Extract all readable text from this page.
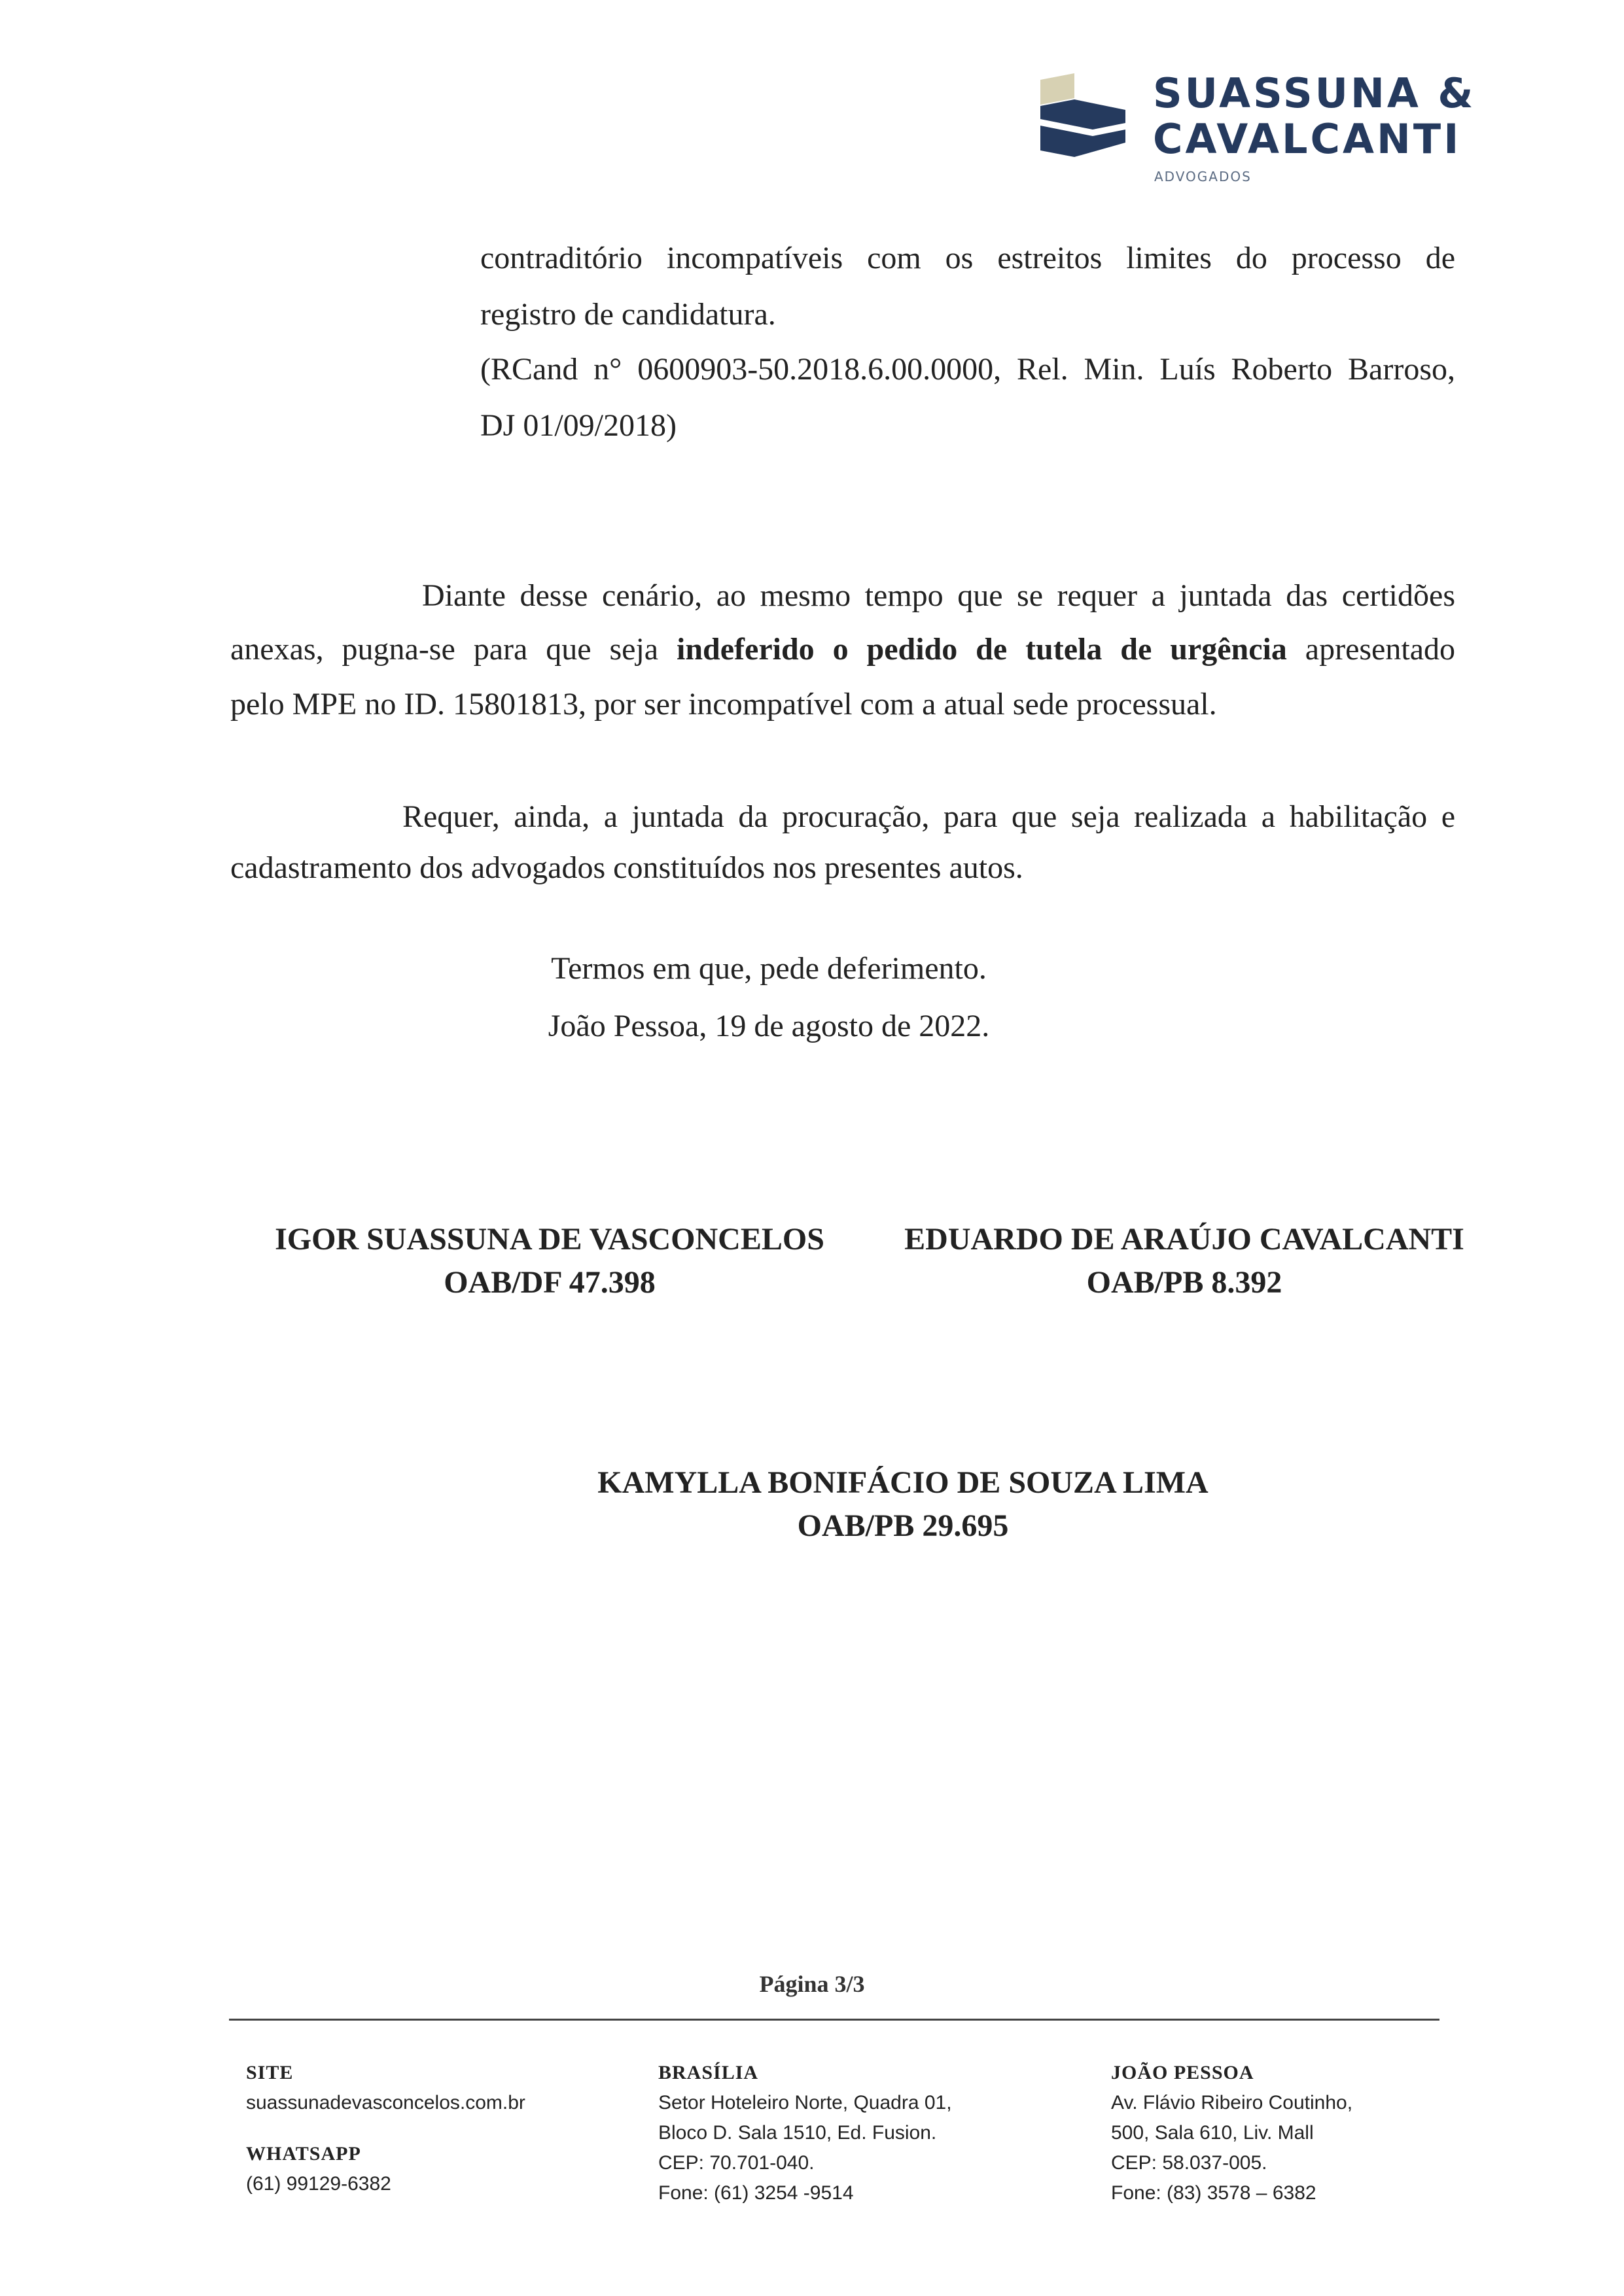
SUASSUNA &
CAVALCANTI
ADVOGADOS
contraditório incompatíveis com os estreitos limites do processo de
registro de candidatura.
(RCand n° 0600903-50.2018.6.00.0000, Rel. Min. Luís Roberto Barroso,
DJ 01/09/2018)
Diante desse cenário, ao mesmo tempo que se requer a juntada das certidões
anexas, pugna-se para que seja indeferido o pedido de tutela de urgência apresentado
pelo MPE no ID. 15801813, por ser incompatível com a atual sede processual.
Requer, ainda, a juntada da procuração, para que seja realizada a habilitação e
cadastramento dos advogados constituídos nos presentes autos.
Termos em que, pede deferimento.
João Pessoa, 19 de agosto de 2022.
IGOR SUASSUNA DE VASCONCELOS
OAB/DF 47.398
EDUARDO DE ARAÚJO CAVALCANTI
OAB/PB 8.392
KAMYLLA BONIFÁCIO DE SOUZA LIMA
OAB/PB 29.695
Página 3/3
SITE
suassunadevasconcelos.com.br
WHATSAPP
(61) 99129-6382
BRASÍLIA
Setor Hoteleiro Norte, Quadra 01,
Bloco D. Sala 1510, Ed. Fusion.
CEP: 70.701-040.
Fone: (61) 3254 -9514
JOÃO PESSOA
Av. Flávio Ribeiro Coutinho,
500, Sala 610, Liv. Mall
CEP: 58.037-005.
Fone: (83) 3578 – 6382
